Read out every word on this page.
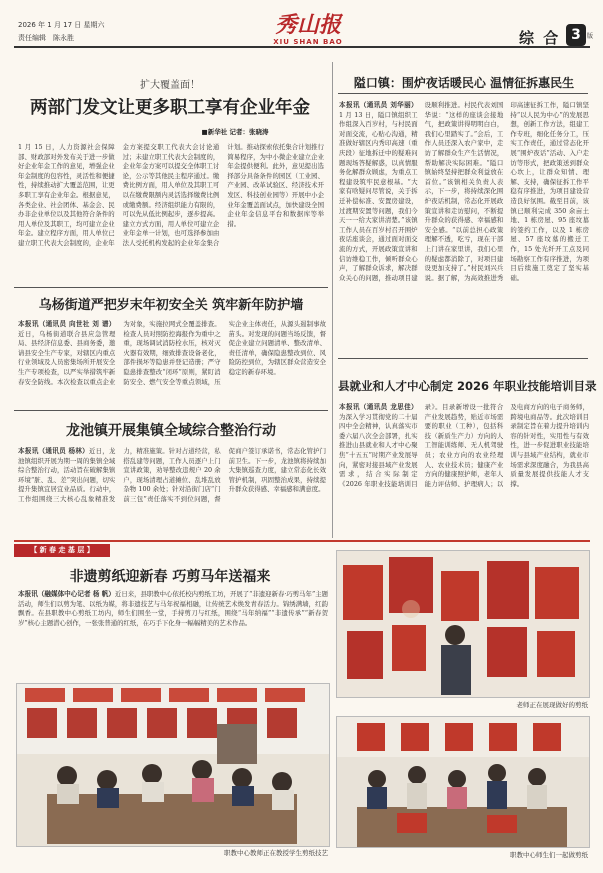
2026 年 1 月 17 日 星期六
责任编辑　陈永胜	秀山报
XIU SHAN BAO	综 合 3	版
扩大覆盖面！
两部门发文让更多职工享有企业年金
■新华社 记者：张晓涛
1 月 15 日，人力资源社会保障部、财政部对外发布关于进一步做好企业年金工作的意见，增强企业年金制度的包容性，灵活性和便捷性，持续推动扩大覆盖范围，让更多职工享有企业年金。根据意见，各类企业、社会团体、基金会、民办非企业单位以及其他符合条件的用人单位及其职工，均可建立企业年金。建立程序方面，用人单位已建立职工代表大会制度的，企业年金方案提交职工代表大会讨论通过；未建立职工代表大会制度的，企业年金方案可以提交全体职工讨论，公示等其他民主程序通过。缴费比例方面，用人单位及其职工可以在缴费限额内灵活选择缴费比例或缴费额。经济组织能力有限的，可以先从低比例起步，逐步提高。建立方式方面，用人单位可建立企业年金单一计划，也可选择参加由法人受托机构发起的企业年金集合计划。推动探索依托集合计划推行简易程序，为中小微企业建立企业年金提供便利。此外，意见提出选择部分具备条件的园区（工业园、产业园、改革试验区、经济技术开发区、科技创业园等）开展中小企业年金覆盖面试点，加快建设全国企业年金信息平台和数据库等举措。
隘口镇：围炉夜话暖民心 温情征拆惠民生
本报讯（通讯员 刘华丽）1 月 13 日，隘口镇组织工作组深入百岁村，与村民面对面交流，心贴心沟通，精准做好辖区内秀印高速（重庆段）征地拆迁中的疑难问题现场答疑解惑，以真情服务化解群众顾虑，为重点工程建设筑牢民意根基。“大家有啥疑问尽管说，关于拆迁补偿标准、安置房建设，过渡期安置等问题，我们今天一一给大家讲清楚。”该镇工作人员在百岁村召开围炉夜话座谈会，通过面对面交流的方式，开展政策宣讲和信访维稳工作，倾听群众心声，了解群众诉求，解决群众关心的问题，推动项目建设顺利推进。村民代表刘国华说：“这样的座谈会接地气，把政策讲得明明白白，我们心里踏实了。”会后，工作人员还深入农户家中，走访了解群众生产生活情况，帮助解决实际困难。“隘口镇始终坚持把群众利益放在首位。”该镇相关负责人表示，下一步，将持续深化围炉夜话机制，常态化开展政策宣讲和走访慰问，不断提升群众的获得感、幸福感和安全感。“以前总担心政策理解不透，吃亏，现在干部上门讲在家里讲，我们心里的疑虑都消除了，对项目建设更加支持了。”村民刘兴兵说。据了解，为高效推进秀印高速征拆工作，隘口镇坚持“以人民为中心”的发展思想，创新工作方法，组建工作专班，细化任务分工，压实工作责任，通过常态化开展“围炉夜话”活动、入户走访等形式，把政策送到群众心坎上，让群众知情、理解、支持，确保征拆工作平稳有序推进，为项目建设营造良好氛围。截至目前，该镇已顺利完成 350 余亩土地、1 栋房屋、95 座坟墓的签约工作，以及 1 栋房屋、57 座坟墓的搬迁工作，15 处光纤开工点及同场勘察工作有序推进，为项目后续施工奠定了坚实基础。
乌杨街道严把岁末年初安全关 筑牢新年防护墙
本报讯（通讯员 向世社 刘 谱）近日，乌杨街道联合县应急管理局、县经济信息委、县商务委，邀请县安全生产专家，对辖区内重点行业领域及人员密集场所开展安全生产专项检查，以严实举措筑牢新春安全防线。本次检查以重点企业为对象，实施拉网式全覆盖排查。检查人员对照防控海报作为重中之重，现场调试消防栓水压，核对灭火器有效期，细致排查设备老化，部件损坏等隐患并登记造册；严守隐患排查整改“闭环”原则，紧盯消防安全、燃气安全等重点领域，压实企业主体责任，从源头遏制事故苗头。对发现的问题当场反馈，督促企业建立问题清单、整改清单、责任清单，确保隐患整改到位、风险防控到位，为辖区群众营造安全稳定的新春环境。
龙池镇开展集镇全域综合整治行动
本报讯（通讯员 杨林）近日，龙池镇组织开展为期一周的集镇全域综合整治行动，活动旨在破解集镇环境“脏、乱、差”突出问题，切实提升集镇宜居宜业品质。行动中，工作组围绕三大核心乱象精准发力，精准施策。针对占道经营，私搭乱建等问题，工作人员逐户上门宣讲政策，劝导整改违规户 20 余户，现场清理占道摊位、乱堆乱放杂物 100 余处；针对沿街门店“门前三包”责任落实不到位问题，督促商户签订承诺书，常态化管护门前卫生。下一步，龙池镇将持续加大集镇巡查力度，建立常态化长效管护机制，巩固整治成果，持续提升群众获得感、幸福感和满意度。
县就业和人才中心制定 2026 年职业技能培训目录
本报讯（通讯员 龙思佳）为深入学习贯彻党的二十届四中全会精神，认真落实市委六届八次全会部署，扎实推进山县就业和人才中心聚焦“十五五”时期产业发展导向，紧密对接县域产业发展需求，结合实际制定《2026 年职业技能培训目录》。目录新增设一批符合产业发展趋势，贴近市场需要的职业（工种），包括科技（新质生产力）方向的人工智能训练师、无人机驾驶员；农业方向的农业经理人、农业技术员；健康产业方向的健康照护师，老年人能力评估师、护理病人；以及电商方向的电子商务师，跨境电商品等。此次培训目录制定旨在着力提升培训内容的针对性，实用性与有效性，进一步促进职业技能培训与县域产业结构，就业市场需求深度融合，为我县高质量发展提供技能人才支撑。
【 新 春 走 基 层 】
非遗剪纸迎新春 巧剪马年送福来
本报讯（融媒体中心记者 杨 帆）近日来，县职教中心依托校内剪纸工坊，开展了“非遗迎新春·巧剪马年”主题活动，师生们以剪为笔、以纸为媒，将非遗技艺与马年祝福相融，让传统艺术焕发青春活力。锦绣满墙，红韵飘香。在县职教中心剪纸工坊内，师生们围坐一堂，手持剪刀与红纸，围绕“马年纳福”“非遗传承”“新春贺岁”核心主题潜心创作，一张张普通的红纸，在巧手下化身一幅幅精美的艺术作品。
职教中心教师正在教授学生剪纸技艺
老师正在展现做好的剪纸
职教中心师生们一起做剪纸
